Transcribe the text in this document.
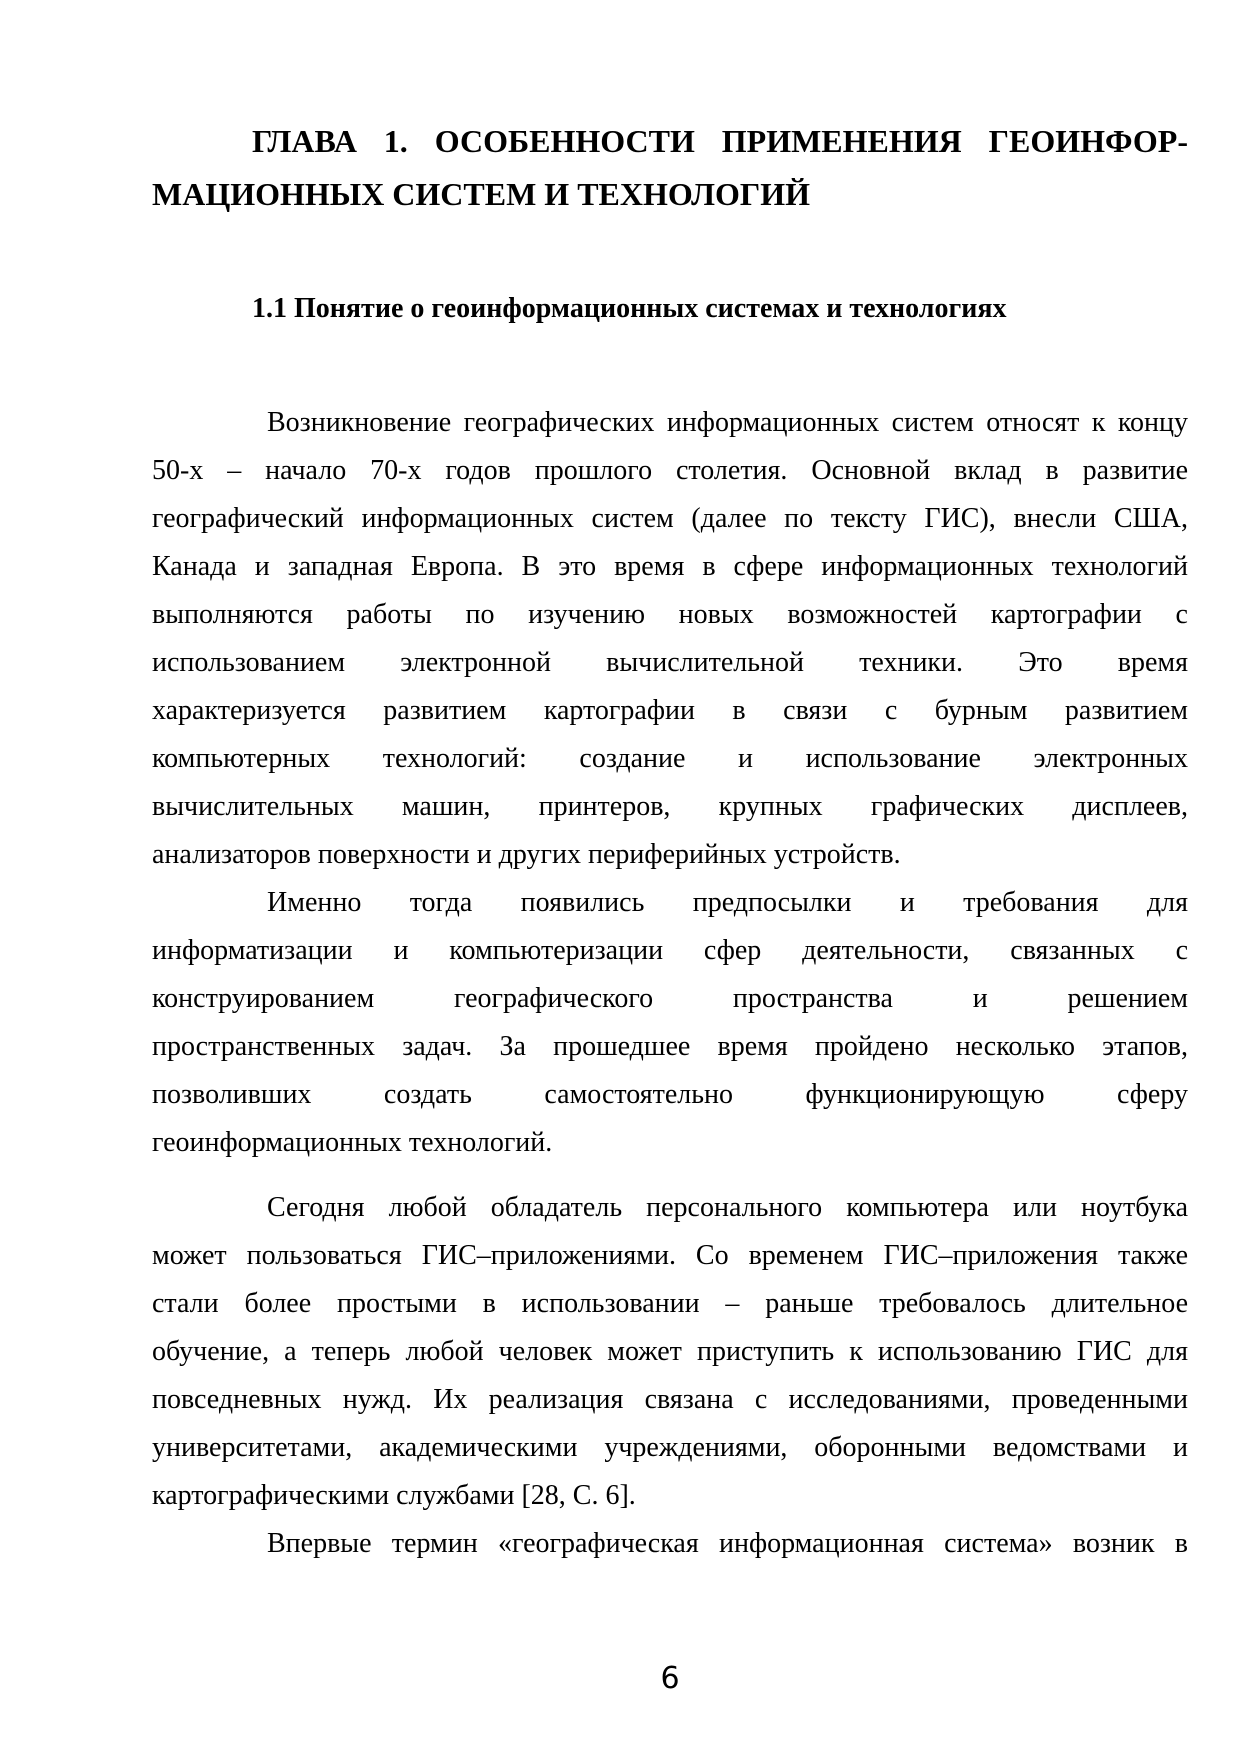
ГЛАВА 1. ОСОБЕННОСТИ ПРИМЕНЕНИЯ ГЕОИНФОР-
МАЦИОННЫХ СИСТЕМ И ТЕХНОЛОГИЙ
1.1 Понятие о геоинформационных системах и технологиях
Возникновение географических информационных систем относят к концу
50-х – начало 70-х годов прошлого столетия. Основной вклад в развитие
географический информационных систем (далее по тексту ГИС), внесли США,
Канада и западная Европа. В это время в сфере информационных технологий
выполняются работы по изучению новых возможностей картографии с
использованием электронной вычислительной техники. Это время
характеризуется развитием картографии в связи с бурным развитием
компьютерных технологий: создание и использование электронных
вычислительных машин, принтеров, крупных графических дисплеев,
анализаторов поверхности и других периферийных устройств.
Именно тогда появились предпосылки и требования для
информатизации и компьютеризации сфер деятельности, связанных с
конструированием географического пространства и решением
пространственных задач. За прошедшее время пройдено несколько этапов,
позволивших создать самостоятельно функционирующую сферу
геоинформационных технологий.
Сегодня любой обладатель персонального компьютера или ноутбука
может пользоваться ГИС–приложениями. Со временем ГИС–приложения также
стали более простыми в использовании – раньше требовалось длительное
обучение, а теперь любой человек может приступить к использованию ГИС для
повседневных нужд. Их реализация связана с исследованиями, проведенными
университетами, академическими учреждениями, оборонными ведомствами и
картографическими службами [28, С. 6].
Впервые термин «географическая информационная система» возник в
6
